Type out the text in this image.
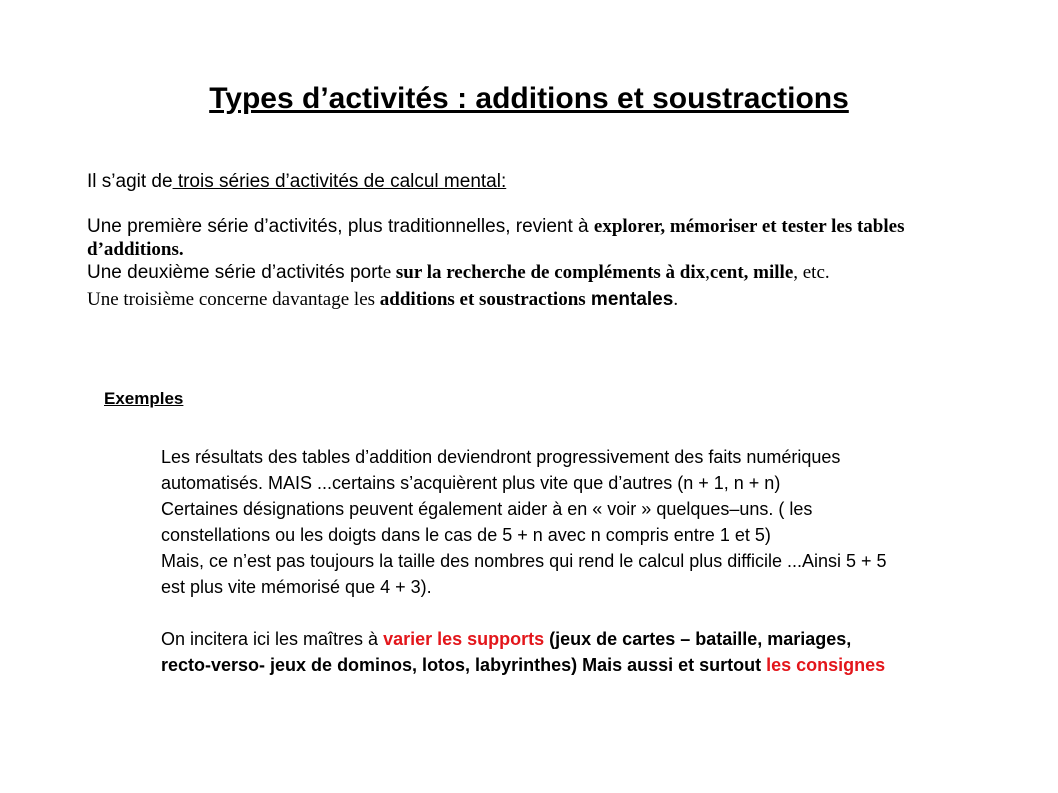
Types d’activités : additions et soustractions

Il s’agit de trois séries d’activités de calcul mental:

Une première série d’activités, plus traditionnelles, revient à explorer, mémoriser et tester les tables d’additions.

Une deuxième série d’activités porte sur la recherche de compléments à dix,cent, mille, etc.

Une troisième concerne davantage les additions et soustractions mentales.

Exemples

Les résultats des tables d’addition deviendront progressivement des faits numériques automatisés. MAIS ...certains s’acquièrent plus vite que d’autres (n + 1, n + n)

Certaines désignations peuvent également aider à en « voir » quelques–uns. ( les constellations ou les doigts dans le cas de 5 + n avec n compris entre 1 et 5)

Mais, ce n’est pas toujours la taille des nombres qui rend le calcul plus difficile ...Ainsi 5 + 5 est plus vite mémorisé que 4 + 3).

On incitera ici les maîtres à varier les supports (jeux de cartes – bataille, mariages, recto-verso- jeux de dominos, lotos, labyrinthes) Mais aussi et surtout les consignes
